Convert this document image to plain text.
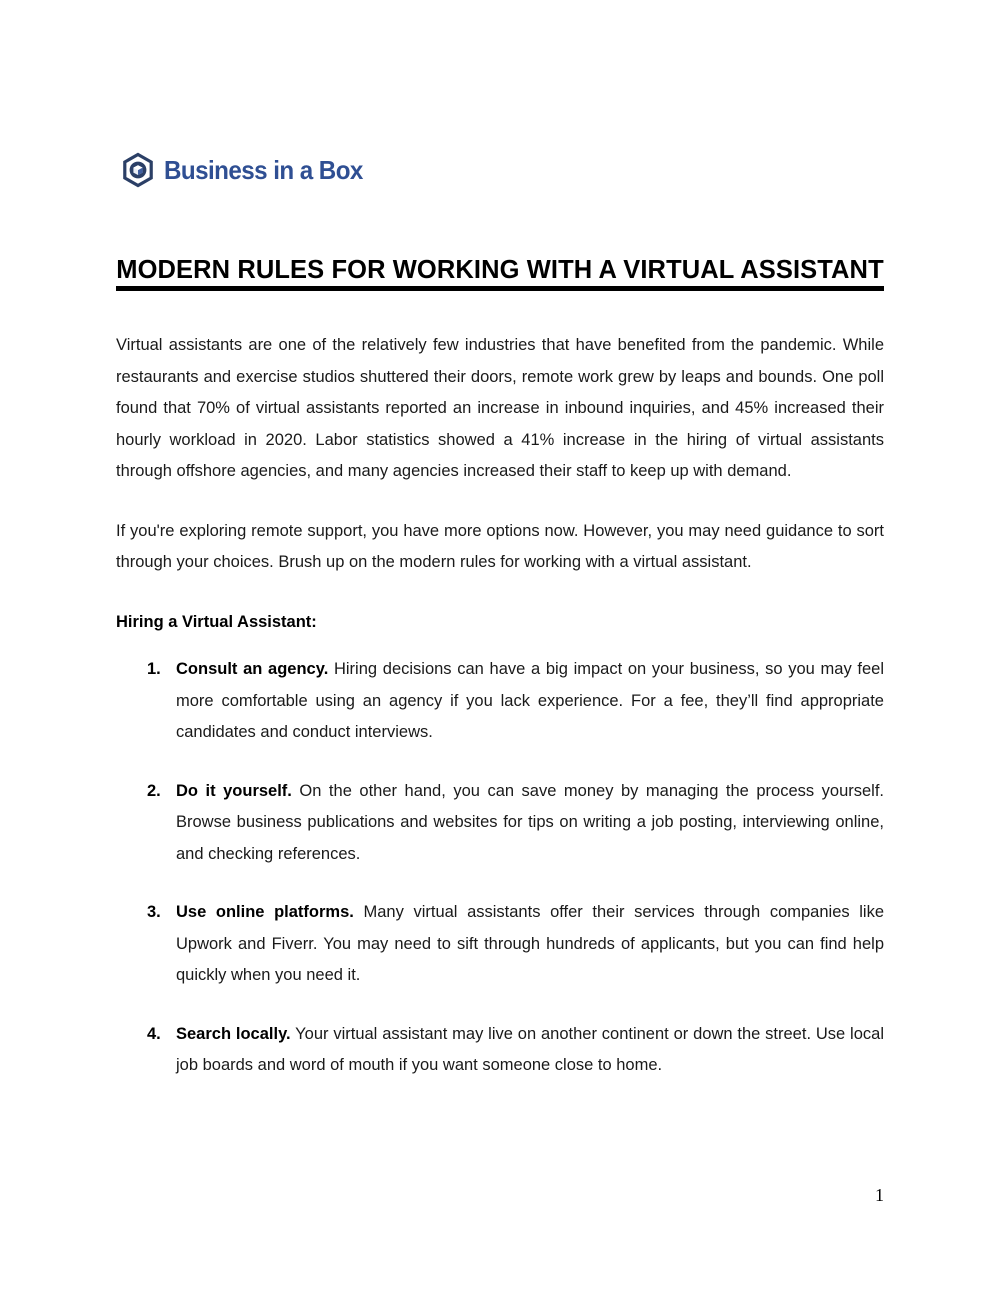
Business in a Box
MODERN RULES FOR WORKING WITH A VIRTUAL ASSISTANT

Virtual assistants are one of the relatively few industries that have benefited from the pandemic. While restaurants and exercise studios shuttered their doors, remote work grew by leaps and bounds. One poll found that 70% of virtual assistants reported an increase in inbound inquiries, and 45% increased their hourly workload in 2020. Labor statistics showed a 41% increase in the hiring of virtual assistants through offshore agencies, and many agencies increased their staff to keep up with demand.

If you're exploring remote support, you have more options now. However, you may need guidance to sort through your choices. Brush up on the modern rules for working with a virtual assistant.

Hiring a Virtual Assistant:

1. Consult an agency. Hiring decisions can have a big impact on your business, so you may feel more comfortable using an agency if you lack experience. For a fee, they’ll find appropriate candidates and conduct interviews.
2. Do it yourself. On the other hand, you can save money by managing the process yourself. Browse business publications and websites for tips on writing a job posting, interviewing online, and checking references.
3. Use online platforms. Many virtual assistants offer their services through companies like Upwork and Fiverr. You may need to sift through hundreds of applicants, but you can find help quickly when you need it.
4. Search locally. Your virtual assistant may live on another continent or down the street. Use local job boards and word of mouth if you want someone close to home.
1
